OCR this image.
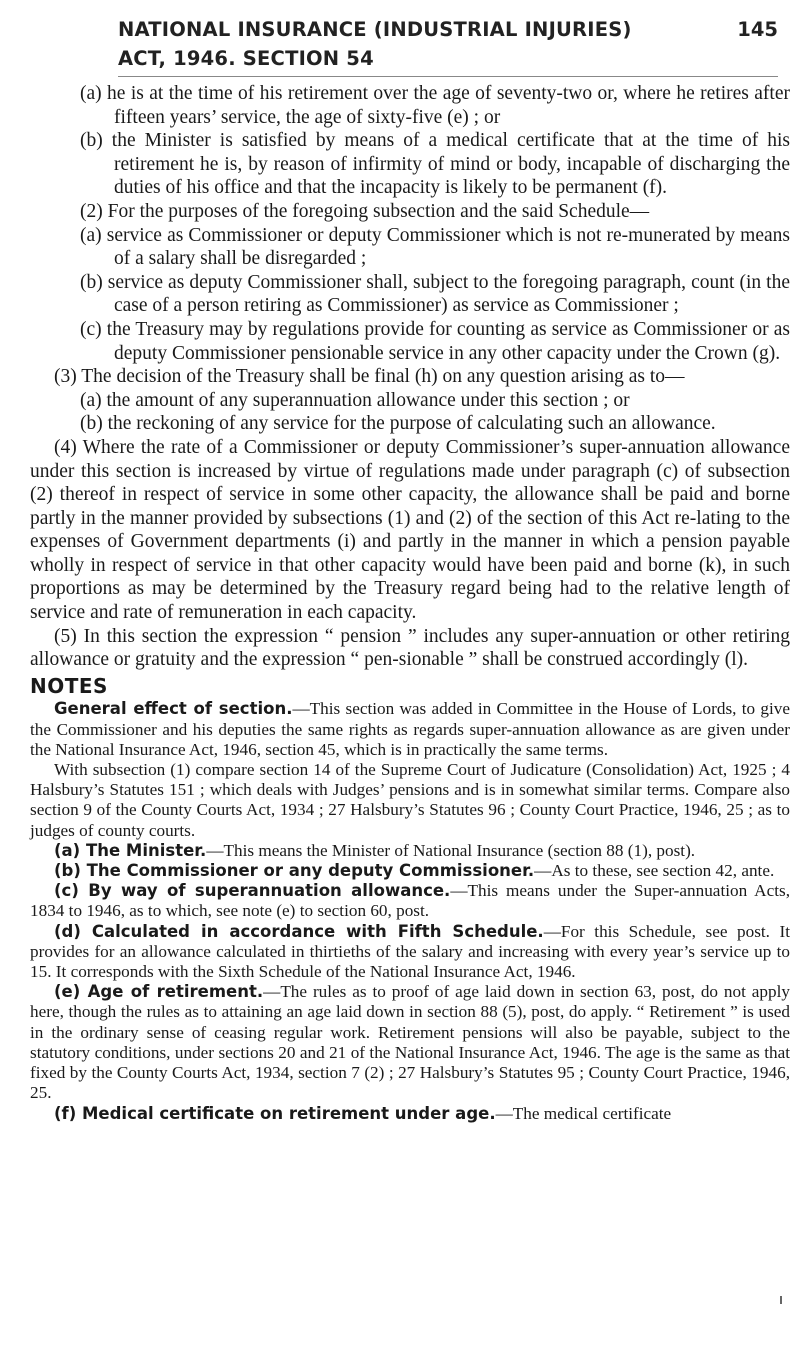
NATIONAL INSURANCE (INDUSTRIAL INJURIES)
ACT, 1946. SECTION 54
145

(a) he is at the time of his retirement over the age of seventy-two or, where he retires after fifteen years’ service, the age of sixty-five (e) ; or

(b) the Minister is satisfied by means of a medical certificate that at the time of his retirement he is, by reason of infirmity of mind or body, incapable of discharging the duties of his office and that the incapacity is likely to be permanent (f).

(2) For the purposes of the foregoing subsection and the said Schedule—

(a) service as Commissioner or deputy Commissioner which is not re-munerated by means of a salary shall be disregarded ;

(b) service as deputy Commissioner shall, subject to the foregoing paragraph, count (in the case of a person retiring as Commissioner) as service as Commissioner ;

(c) the Treasury may by regulations provide for counting as service as Commissioner or as deputy Commissioner pensionable service in any other capacity under the Crown (g).

(3) The decision of the Treasury shall be final (h) on any question arising as to—

(a) the amount of any superannuation allowance under this section ; or

(b) the reckoning of any service for the purpose of calculating such an allowance.

(4) Where the rate of a Commissioner or deputy Commissioner’s super-annuation allowance under this section is increased by virtue of regulations made under paragraph (c) of subsection (2) thereof in respect of service in some other capacity, the allowance shall be paid and borne partly in the manner provided by subsections (1) and (2) of the section of this Act re-lating to the expenses of Government departments (i) and partly in the manner in which a pension payable wholly in respect of service in that other capacity would have been paid and borne (k), in such proportions as may be determined by the Treasury regard being had to the relative length of service and rate of remuneration in each capacity.

(5) In this section the expression “ pension ” includes any super-annuation or other retiring allowance or gratuity and the expression “ pen-sionable ” shall be construed accordingly (l).

NOTES

General effect of section.—This section was added in Committee in the House of Lords, to give the Commissioner and his deputies the same rights as regards super-annuation allowance as are given under the National Insurance Act, 1946, section 45, which is in practically the same terms.

With subsection (1) compare section 14 of the Supreme Court of Judicature (Consolidation) Act, 1925 ; 4 Halsbury’s Statutes 151 ; which deals with Judges’ pensions and is in somewhat similar terms. Compare also section 9 of the County Courts Act, 1934 ; 27 Halsbury’s Statutes 96 ; County Court Practice, 1946, 25 ; as to judges of county courts.

(a) The Minister.—This means the Minister of National Insurance (section 88 (1), post).

(b) The Commissioner or any deputy Commissioner.—As to these, see section 42, ante.

(c) By way of superannuation allowance.—This means under the Super-annuation Acts, 1834 to 1946, as to which, see note (e) to section 60, post.

(d) Calculated in accordance with Fifth Schedule.—For this Schedule, see post. It provides for an allowance calculated in thirtieths of the salary and increasing with every year’s service up to 15. It corresponds with the Sixth Schedule of the National Insurance Act, 1946.

(e) Age of retirement.—The rules as to proof of age laid down in section 63, post, do not apply here, though the rules as to attaining an age laid down in section 88 (5), post, do apply. “ Retirement ” is used in the ordinary sense of ceasing regular work. Retirement pensions will also be payable, subject to the statutory conditions, under sections 20 and 21 of the National Insurance Act, 1946. The age is the same as that fixed by the County Courts Act, 1934, section 7 (2) ; 27 Halsbury’s Statutes 95 ; County Court Practice, 1946, 25.

(f) Medical certificate on retirement under age.—The medical certificate
